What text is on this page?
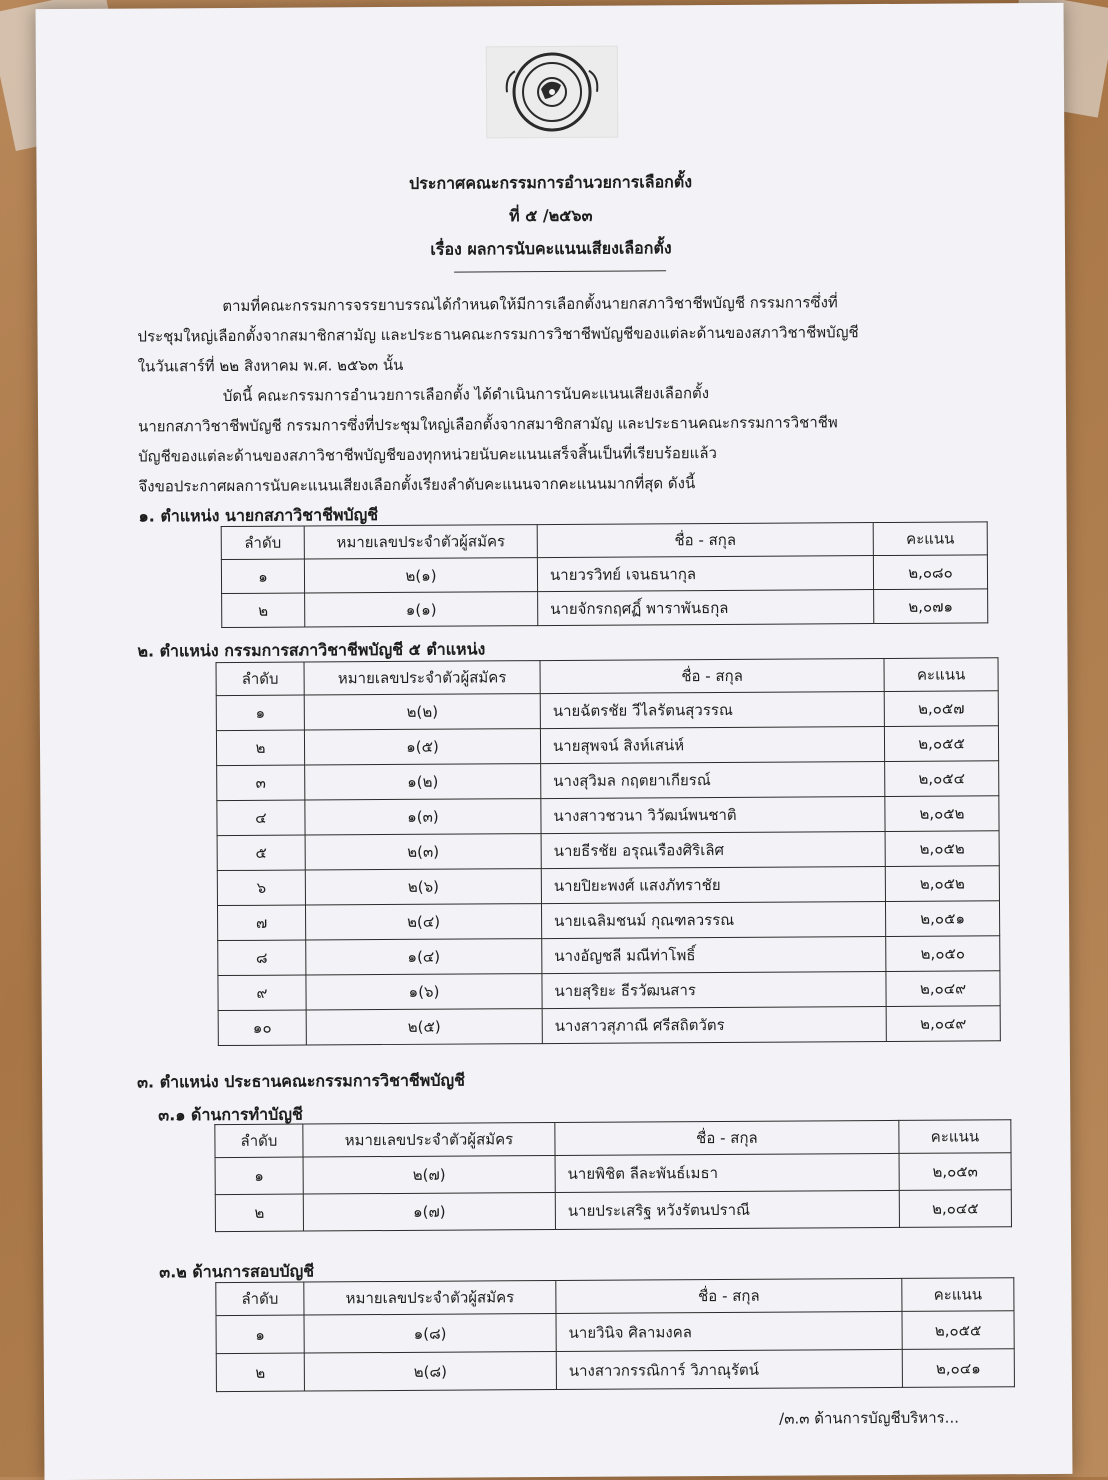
ประกาศคณะกรรมการอำนวยการเลือกตั้ง
ที่ ๕ /๒๕๖๓
เรื่อง ผลการนับคะแนนเสียงเลือกตั้ง

ตามที่คณะกรรมการจรรยาบรรณได้กำหนดให้มีการเลือกตั้งนายกสภาวิชาชีพบัญชี กรรมการซึ่งที่

ประชุมใหญ่เลือกตั้งจากสมาชิกสามัญ และประธานคณะกรรมการวิชาชีพบัญชีของแต่ละด้านของสภาวิชาชีพบัญชี

ในวันเสาร์ที่ ๒๒ สิงหาคม พ.ศ. ๒๕๖๓ นั้น

บัดนี้ คณะกรรมการอำนวยการเลือกตั้ง ได้ดำเนินการนับคะแนนเสียงเลือกตั้ง

นายกสภาวิชาชีพบัญชี กรรมการซึ่งที่ประชุมใหญ่เลือกตั้งจากสมาชิกสามัญ และประธานคณะกรรมการวิชาชีพ

บัญชีของแต่ละด้านของสภาวิชาชีพบัญชีของทุกหน่วยนับคะแนนเสร็จสิ้นเป็นที่เรียบร้อยแล้ว

จึงขอประกาศผลการนับคะแนนเสียงเลือกตั้งเรียงลำดับคะแนนจากคะแนนมากที่สุด ดังนี้

๑. ตำแหน่ง นายกสภาวิชาชีพบัญชี
ลำดับ	หมายเลขประจำตัวผู้สมัคร	ชื่อ - สกุล	คะแนน
๑	๒(๑)	นายวรวิทย์ เจนธนากุล	๒,๐๘๐
๒	๑(๑)	นายจักรกฤศฏิ์ พาราพันธกุล	๒,๐๗๑
๒. ตำแหน่ง กรรมการสภาวิชาชีพบัญชี ๕ ตำแหน่ง
ลำดับ	หมายเลขประจำตัวผู้สมัคร	ชื่อ - สกุล	คะแนน
๑	๒(๒)	นายฉัตรชัย วีไลรัตนสุวรรณ	๒,๐๕๗
๒	๑(๕)	นายสุพจน์ สิงห์เสน่ห์	๒,๐๕๕
๓	๑(๒)	นางสุวิมล กฤตยาเกียรณ์	๒,๐๕๔
๔	๑(๓)	นางสาวชวนา วิวัฒน์พนชาติ	๒,๐๕๒
๕	๒(๓)	นายธีรชัย อรุณเรืองศิริเลิศ	๒,๐๕๒
๖	๒(๖)	นายปิยะพงศ์ แสงภัทราชัย	๒,๐๕๒
๗	๒(๔)	นายเฉลิมชนม์ กุณฑลวรรณ	๒,๐๕๑
๘	๑(๔)	นางอัญชลี มณีท่าโพธิ์	๒,๐๕๐
๙	๑(๖)	นายสุริยะ ธีรวัฒนสาร	๒,๐๔๙
๑๐	๒(๕)	นางสาวสุภาณี ศรีสถิตวัตร	๒,๐๔๙
๓. ตำแหน่ง ประธานคณะกรรมการวิชาชีพบัญชี
๓.๑ ด้านการทำบัญชี
ลำดับ	หมายเลขประจำตัวผู้สมัคร	ชื่อ - สกุล	คะแนน
๑	๒(๗)	นายพิชิต ลีละพันธ์เมธา	๒,๐๕๓
๒	๑(๗)	นายประเสริฐ หวังรัตนปราณี	๒,๐๔๕
๓.๒ ด้านการสอบบัญชี
ลำดับ	หมายเลขประจำตัวผู้สมัคร	ชื่อ - สกุล	คะแนน
๑	๑(๘)	นายวินิจ ศิลามงคล	๒,๐๕๕
๒	๒(๘)	นางสาวกรรณิการ์ วิภาณุรัตน์	๒,๐๔๑
/๓.๓ ด้านการบัญชีบริหาร...
